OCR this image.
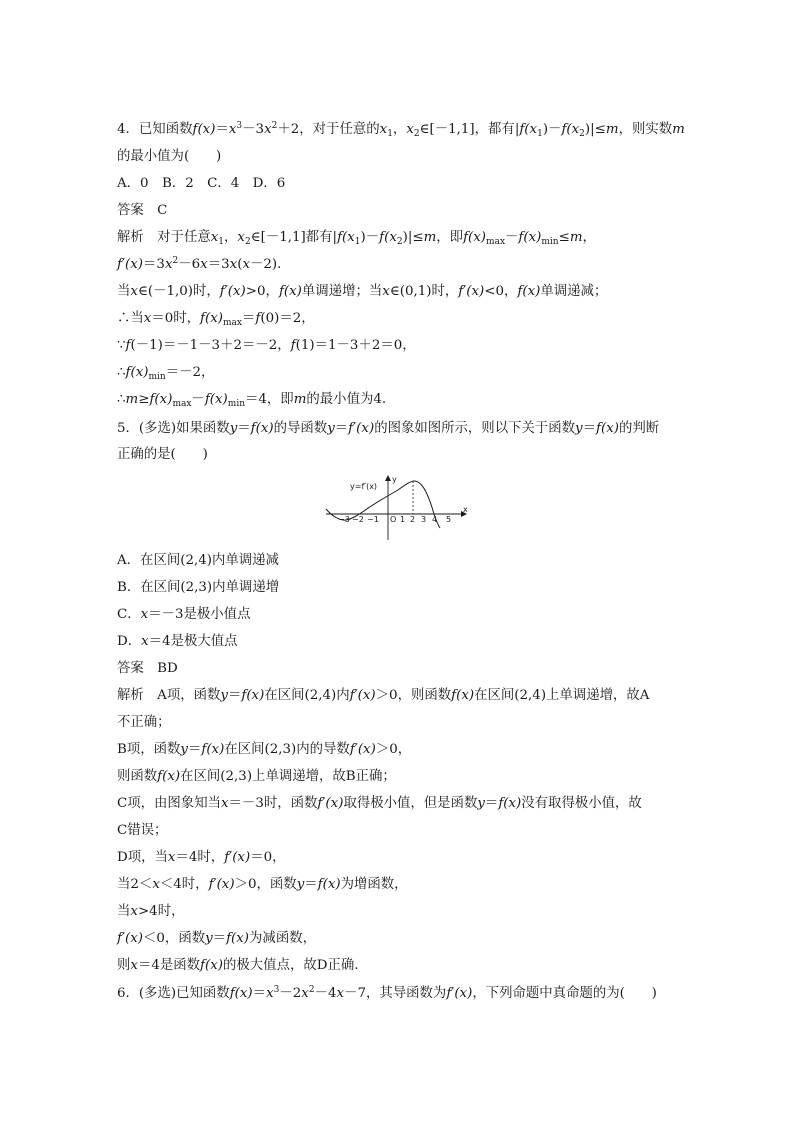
4．已知函数$f(x)=x^3-3x^2+2$，对于任意的$x_1$，$x_2\in[-1,1]$，都有$|f(x_1)-f(x_2)|\le m$，则实数m
的最小值为(　　)
A．0　B．2　C．4　D．6
答案　C
解析　对于任意$x_1$，$x_2\in[-1,1]$都有$|f(x_1)-f(x_2)|\le m$，即$f(x)_{max}-f(x)_{min}\le m$，
$f'(x)=3x^2-6x=3x(x-2)$．
当x∈(－1,0)时，f′(x)>0，f(x)单调递增；当x∈(0,1)时，f′(x)<0，f(x)单调递减；
∴当x＝0时，$f(x)_{max}=f(0)=2$，
∵f(－1)＝－1－3＋2＝－2，f(1)＝1－3＋2＝0，
$\therefore f(x)_{min}=-2$，
$\therefore m\ge f(x)_{max}-f(x)_{min}=4$，即m的最小值为4.
5．(多选)如果函数y＝f(x)的导函数y＝f′(x)的图象如图所示，则以下关于函数y＝f(x)的判断
正确的是(　　)
y=f′(x)
y
x
O
−3 −2 −1	1 2 3 4 5
A．在区间(2,4)内单调递减
B．在区间(2,3)内单调递增
C．x＝－3是极小值点
D．x＝4是极大值点
答案　BD
解析　A项，函数y＝f(x)在区间(2,4)内f′(x)＞0，则函数f(x)在区间(2,4)上单调递增，故A
不正确；
B项，函数y＝f(x)在区间(2,3)内的导数f′(x)＞0，
则函数f(x)在区间(2,3)上单调递增，故B正确；
C项，由图象知当x＝－3时，函数f′(x)取得极小值，但是函数y＝f(x)没有取得极小值，故
C错误；
D项，当x＝4时，f′(x)＝0，
当2＜x＜4时，f′(x)＞0，函数y＝f(x)为增函数，
当x>4时，
f′(x)＜0，函数y＝f(x)为减函数，
则x＝4是函数f(x)的极大值点，故D正确.
6．(多选)已知函数$f(x)=x^3-2x^2-4x-7$，其导函数为f′(x)，下列命题中真命题的为(　　)
